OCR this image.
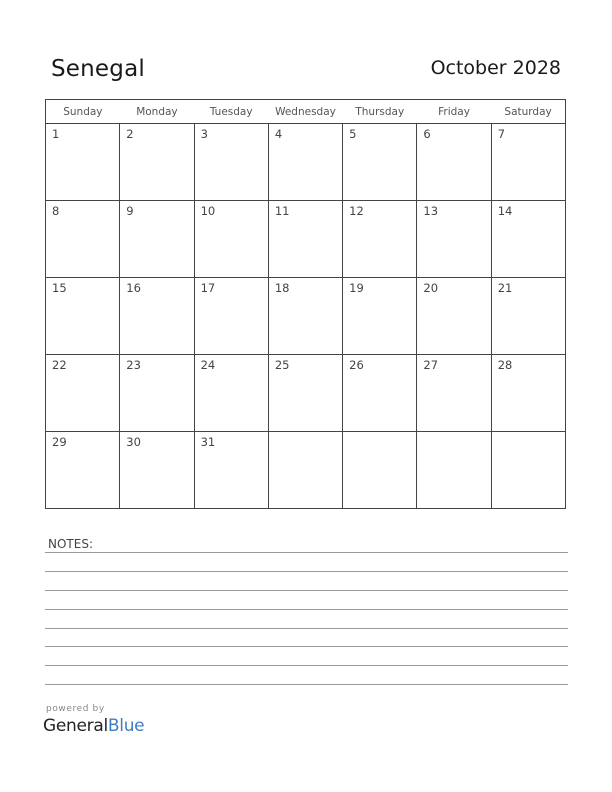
Senegal	October 2028
Sunday	Monday	Tuesday	Wednesday	Thursday	Friday	Saturday

1	2	3	4	5	6	7

8	9	10	11	12	13	14

15	16	17	18	19	20	21

22	23	24	25	26	27	28

29	30	31				

NOTES:
powered by
GeneralBlue
